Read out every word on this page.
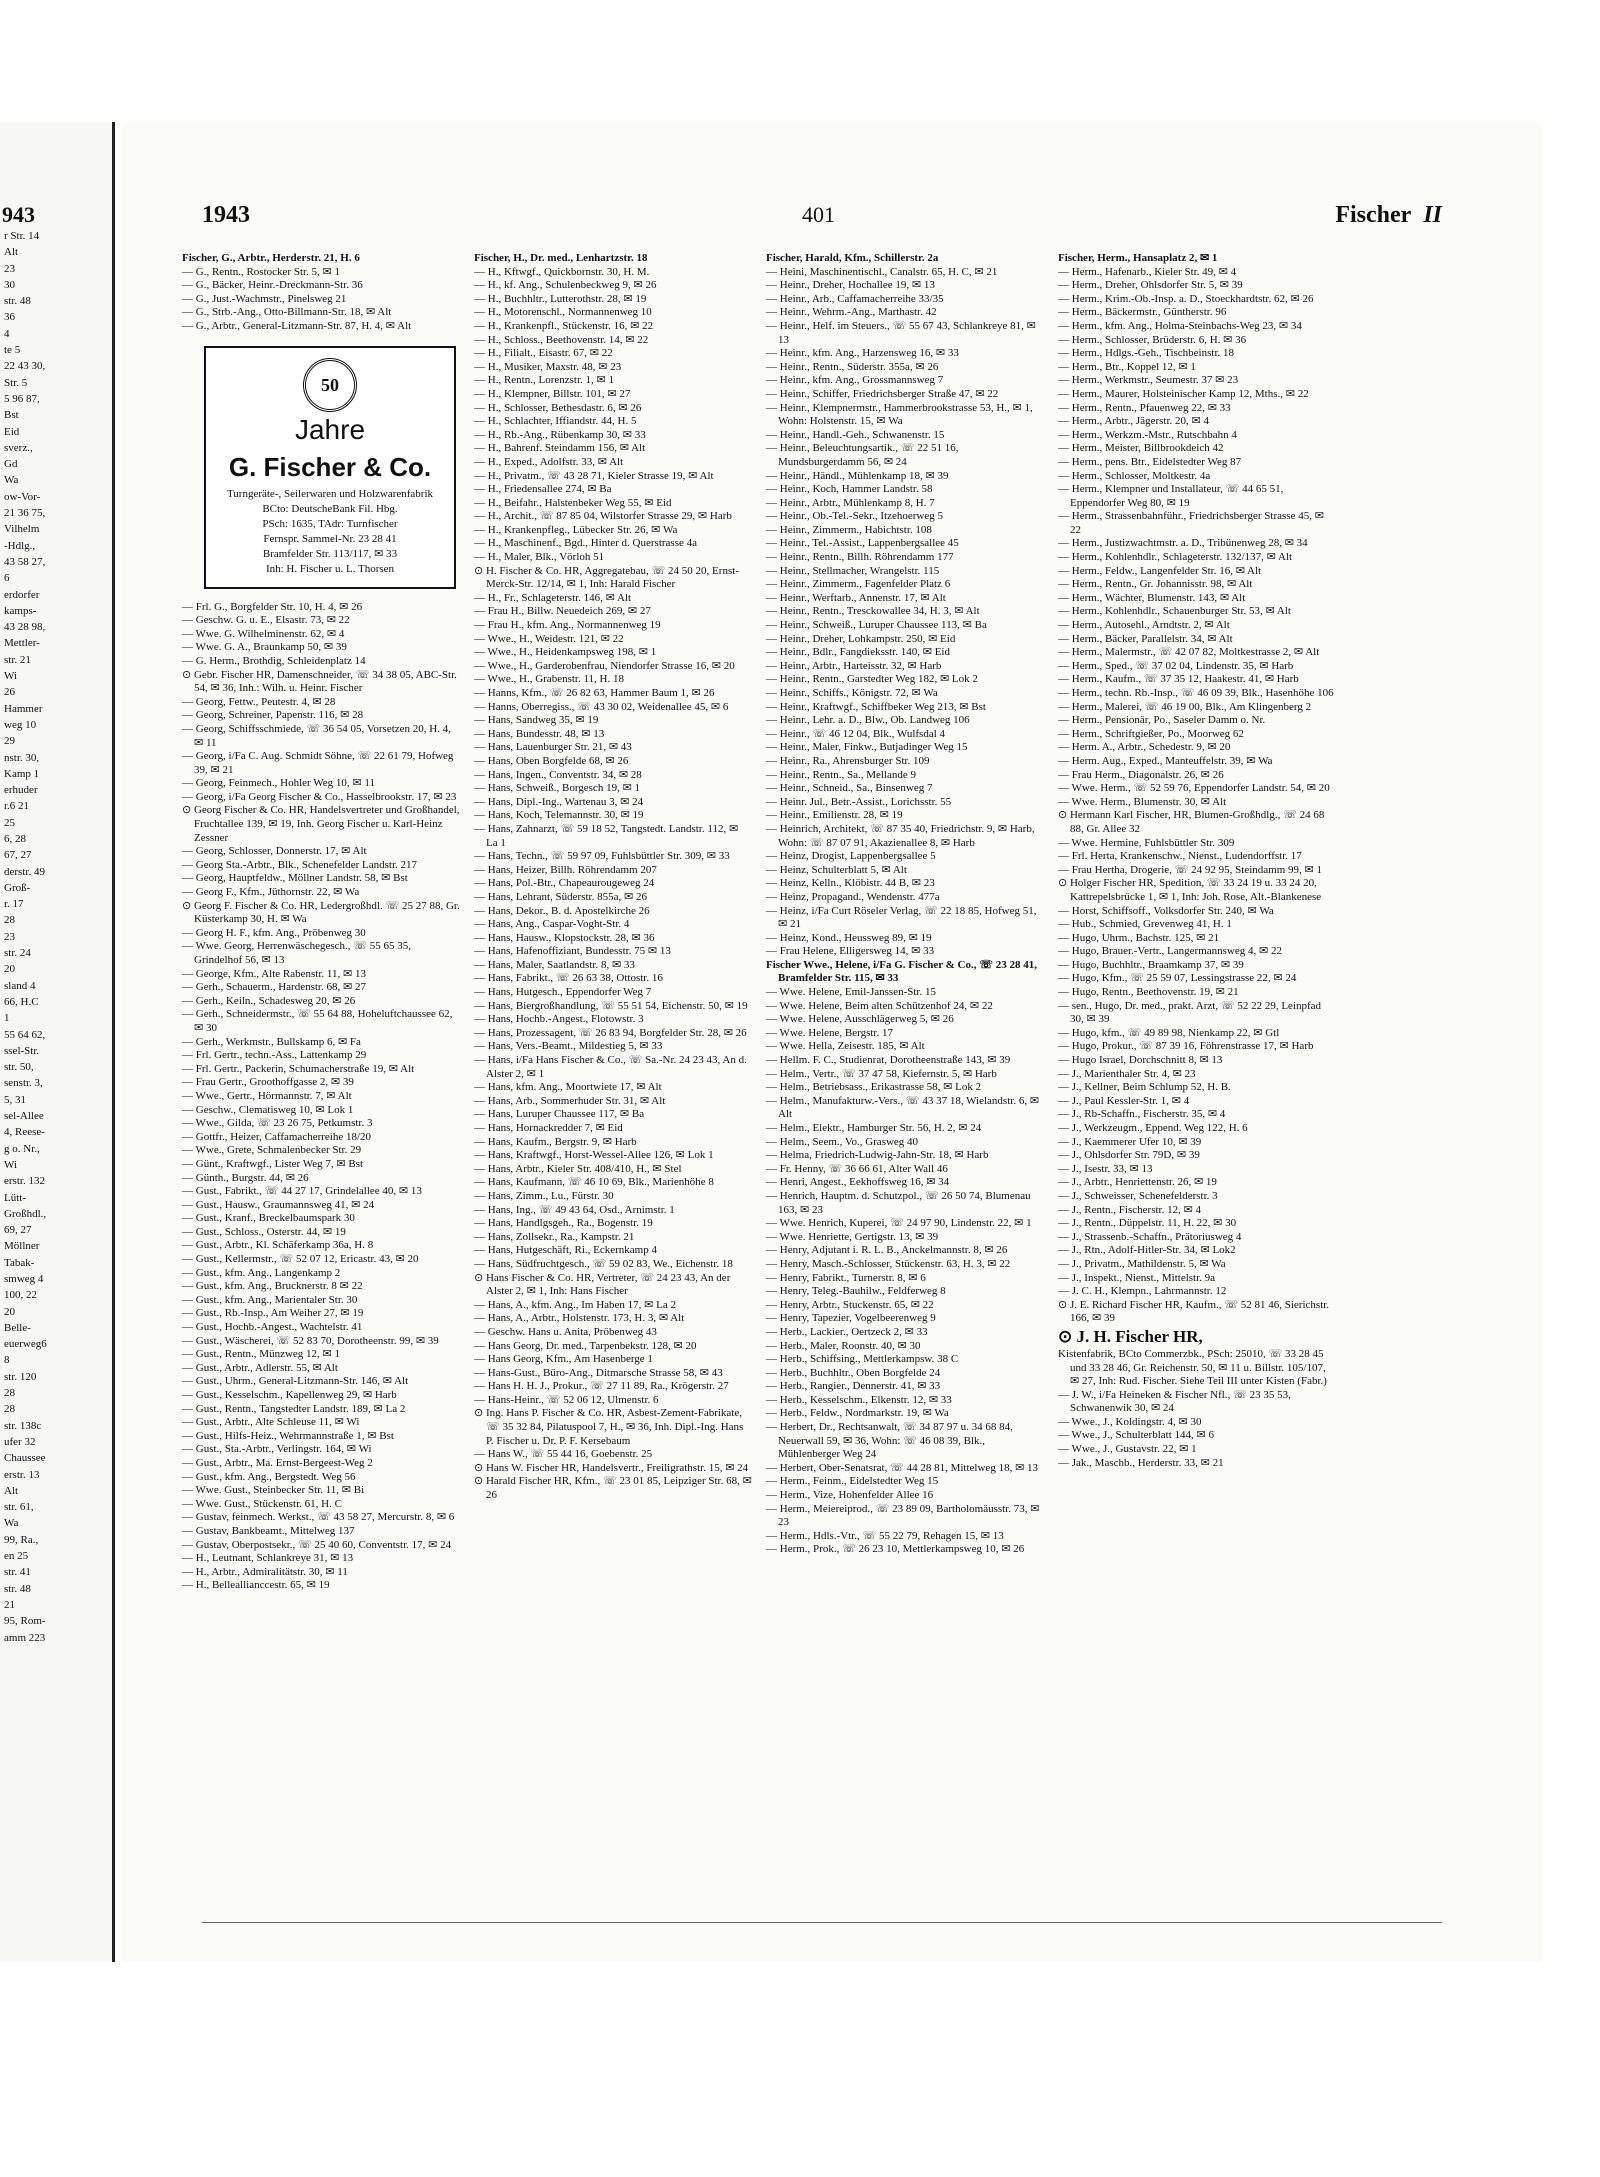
943
r Str. 14
Alt
23
30
str. 48
36
4
te 5
22 43 30,
Str. 5
5 96 87,
Bst
Eid
sverz.,
Gd
Wa
ow-Vor-
21 36 75,
Vilhelm
-Hdlg.,
43 58 27,
6
erdorfer
kamps-
43 28 98,
Mettler-
str. 21
Wi
26
Hammer
weg 10
29
nstr. 30,
Kamp 1
erhuder
r.6 21
25
6, 28
67, 27
derstr. 49
Groß-
r. 17
28
23
str. 24
20
sland 4
66, H.C
1
55 64 62,
ssel-Str.
str. 50,
senstr. 3,
5, 31
sel-Allee
4, Reese-
g o. Nr.,
Wi
erstr. 132
Lütt-
Großhdl.,
69, 27
Möllner
Tabak-
smweg 4
100, 22
20
Belle-
euerweg6
8
str. 120
28
28
str. 138c
ufer 32
Chaussee
erstr. 13
Alt
str. 61,
Wa
99, Ra.,
en 25
str. 41
str. 48
21
95, Rom-
amm 223
1943	401	Fischer II
Fischer, G., Arbtr., Herderstr. 21, H. 6
— G., Rentn., Rostocker Str. 5, ✉ 1
— G., Bäcker, Heinr.-Dreckmann-Str. 36
— G., Just.-Wachmstr., Pinelsweg 21
— G., Strb.-Ang., Otto-Billmann-Str. 18, ✉ Alt
— G., Arbtr., General-Litzmann-Str. 87, H. 4, ✉ Alt
50
Jahre
G. Fischer & Co.
Turngeräte-, Seilerwaren und Holzwarenfabrik
BCto: DeutscheBank Fil. Hbg.
PSch: 1635, TAdr: Turnfischer
Fernspr. Sammel-Nr. 23 28 41
Bramfelder Str. 113/117, ✉ 33
Inh: H. Fischer u. L. Thorsen
— Frl. G., Borgfelder Str. 10, H. 4, ✉ 26
— Geschw. G. u. E., Elsastr. 73, ✉ 22
— Wwe. G. Wilhelminenstr. 62, ✉ 4
— Wwe. G. A., Braunkamp 50, ✉ 39
— G. Herm., Brothdig, Schleidenplatz 14
⊙ Gebr. Fischer HR, Damenschneider, ☏ 34 38 05, ABC-Str. 54, ✉ 36, Inh.: Wilh. u. Heinr. Fischer
— Georg, Fettw., Peutestr. 4, ✉ 28
— Georg, Schreiner, Papenstr. 116, ✉ 28
— Georg, Schiffsschmiede, ☏ 36 54 05, Vorsetzen 20, H. 4, ✉ 11
— Georg, i/Fa C. Aug. Schmidt Söhne, ☏ 22 61 79, Hofweg 39, ✉ 21
— Georg, Feinmech., Hohler Weg 10, ✉ 11
— Georg, i/Fa Georg Fischer & Co., Hasselbrookstr. 17, ✉ 23
⊙ Georg Fischer & Co. HR, Handelsvertreter und Großhandel, Fruchtallee 139, ✉ 19, Inh. Georg Fischer u. Karl-Heinz Zessner
— Georg, Schlosser, Donnerstr. 17, ✉ Alt
— Georg Sta.-Arbtr., Blk., Schenefelder Landstr. 217
— Georg, Hauptfeldw., Möllner Landstr. 58, ✉ Bst
— Georg F., Kfm., Jüthornstr. 22, ✉ Wa
⊙ Georg F. Fischer & Co. HR, Ledergroßhdl. ☏ 25 27 88, Gr. Küsterkamp 30, H. ✉ Wa
— Georg H. F., kfm. Ang., Pröbenweg 30
— Wwe. Georg, Herrenwäschegesch., ☏ 55 65 35, Grindelhof 56, ✉ 13
— George, Kfm., Alte Rabenstr. 11, ✉ 13
— Gerh., Schauerm., Hardenstr. 68, ✉ 27
— Gerh., Keiln., Schadesweg 20, ✉ 26
— Gerh., Schneidermstr., ☏ 55 64 88, Hoheluftchaussee 62, ✉ 30
— Gerh., Werkmstr., Bullskamp 6, ✉ Fa
— Frl. Gertr., techn.-Ass., Lattenkamp 29
— Frl. Gertr., Packerin, Schumacherstraße 19, ✉ Alt
— Frau Gertr., Groothoffgasse 2, ✉ 39
— Wwe., Gertr., Hörmannstr. 7, ✉ Alt
— Geschw., Clematisweg 10, ✉ Lok 1
— Wwe., Gilda, ☏ 23 26 75, Petkumstr. 3
— Gottfr., Heizer, Caffamacherreihe 18/20
— Wwe., Grete, Schmalenbecker Str. 29
— Günt., Kraftwgf., Lister Weg 7, ✉ Bst
— Günth., Burgstr. 44, ✉ 26
— Gust., Fabrikt., ☏ 44 27 17, Grindelallee 40, ✉ 13
— Gust., Hausw., Graumannsweg 41, ✉ 24
— Gust., Kranf., Breckelbaumspark 30
— Gust., Schloss., Osterstr. 44, ✉ 19
— Gust., Arbtr., Kl. Schäferkamp 36a, H. 8
— Gust., Kellermstr., ☏ 52 07 12, Ericastr. 43, ✉ 20
— Gust., kfm. Ang., Langenkamp 2
— Gust., kfm. Ang., Brucknerstr. 8 ✉ 22
— Gust., kfm. Ang., Marientaler Str. 30
— Gust., Rb.-Insp., Am Weiher 27, ✉ 19
— Gust., Hochb.-Angest., Wachtelstr. 41
— Gust., Wäscherei, ☏ 52 83 70, Dorotheenstr. 99, ✉ 39
— Gust., Rentn., Münzweg 12, ✉ 1
— Gust., Arbtr., Adlerstr. 55, ✉ Alt
— Gust., Uhrm., General-Litzmann-Str. 146, ✉ Alt
— Gust., Kesselschm., Kapellenweg 29, ✉ Harb
— Gust., Rentn., Tangstedter Landstr. 189, ✉ La 2
— Gust., Arbtr., Alte Schleuse 11, ✉ Wi
— Gust., Hilfs-Heiz., Wehrmannstraße 1, ✉ Bst
— Gust., Sta.-Arbtr., Verlingstr. 164, ✉ Wi
— Gust., Arbtr., Ma. Ernst-Bergeest-Weg 2
— Gust., kfm. Ang., Bergstedt. Weg 56
— Wwe. Gust., Steinbecker Str. 11, ✉ Bi
— Wwe. Gust., Stückenstr. 61, H. C
— Gustav, feinmech. Werkst., ☏ 43 58 27, Mercurstr. 8, ✉ 6
— Gustav, Bankbeamt., Mittelweg 137
— Gustav, Oberpostsekr., ☏ 25 40 60, Conventstr. 17, ✉ 24
— H., Leutnant, Schlankreye 31, ✉ 13
— H., Arbtr., Admiralitätstr. 30, ✉ 11
— H., Belleallianccestr. 65, ✉ 19
Fischer, H., Dr. med., Lenhartzstr. 18
— H., Kftwgf., Quickbornstr. 30, H. M.
— H., kf. Ang., Schulenbeckweg 9, ✉ 26
— H., Buchhltr., Lutterothstr. 28, ✉ 19
— H., Motorenschl., Normannenweg 10
— H., Krankenpfl., Stückenstr. 16, ✉ 22
— H., Schloss., Beethovenstr. 14, ✉ 22
— H., Filialt., Eisastr. 67, ✉ 22
— H., Musiker, Maxstr. 48, ✉ 23
— H., Rentn., Lorenzstr. 1, ✉ 1
— H., Klempner, Billstr. 101, ✉ 27
— H., Schlosser, Bethesdastr. 6, ✉ 26
— H., Schlachter, Iffiandstr. 44, H. 5
— H., Rb.-Ang., Rübenkamp 30, ✉ 33
— H., Bahrenf. Steindamm 156, ✉ Alt
— H., Exped., Adolfstr. 33, ✉ Alt
— H., Privatm., ☏ 43 28 71, Kieler Strasse 19, ✉ Alt
— H., Friedensallee 274, ✉ Ba
— H., Beifahr., Halstenbeker Weg 55, ✉ Eid
— H., Archit., ☏ 87 85 04, Wilstorfer Strasse 29, ✉ Harb
— H., Krankenpfleg., Lübecker Str. 26, ✉ Wa
— H., Maschinenf., Bgd., Hinter d. Querstrasse 4a
— H., Maler, Blk., Vörloh 51
⊙ H. Fischer & Co. HR, Aggregatebau, ☏ 24 50 20, Ernst-Merck-Str. 12/14, ✉ 1, Inh: Harald Fischer
— H., Fr., Schlageterstr. 146, ✉ Alt
— Frau H., Billw. Neuedeich 269, ✉ 27
— Frau H., kfm. Ang., Normannenweg 19
— Wwe., H., Weidestr. 121, ✉ 22
— Wwe., H., Heidenkampsweg 198, ✉ 1
— Wwe., H., Garderobenfrau, Niendorfer Strasse 16, ✉ 20
— Wwe., H., Grabenstr. 11, H. 18
— Hanns, Kfm., ☏ 26 82 63, Hammer Baum 1, ✉ 26
— Hanns, Oberregiss., ☏ 43 30 02, Weidenallee 45, ✉ 6
— Hans, Sandweg 35, ✉ 19
— Hans, Bundesstr. 48, ✉ 13
— Hans, Lauenburger Str. 21, ✉ 43
— Hans, Oben Borgfelde 68, ✉ 26
— Hans, Ingen., Conventstr. 34, ✉ 28
— Hans, Schweiß., Borgesch 19, ✉ 1
— Hans, Dipl.-Ing., Wartenau 3, ✉ 24
— Hans, Koch, Telemannstr. 30, ✉ 19
— Hans, Zahnarzt, ☏ 59 18 52, Tangstedt. Landstr. 112, ✉ La 1
— Hans, Techn., ☏ 59 97 09, Fuhlsbüttler Str. 309, ✉ 33
— Hans, Heizer, Billh. Röhrendamm 207
— Hans, Pol.-Btr., Chapeaurougeweg 24
— Hans, Lehrant, Süderstr. 855a, ✉ 26
— Hans, Dekor., B. d. Apostelkirche 26
— Hans, Ang., Caspar-Voght-Str. 4
— Hans, Hausw., Klopstockstr. 28, ✉ 36
— Hans, Hafenoffiziant, Bundesstr. 75 ✉ 13
— Hans, Maler, Saatlandstr. 8, ✉ 33
— Hans, Fabrikt., ☏ 26 63 38, Ottostr. 16
— Hans, Hutgesch., Eppendorfer Weg 7
— Hans, Biergroßhandlung, ☏ 55 51 54, Eichenstr. 50, ✉ 19
— Hans, Hochb.-Angest., Flotowstr. 3
— Hans, Prozessagent, ☏ 26 83 94, Borgfelder Str. 28, ✉ 26
— Hans, Vers.-Beamt., Mildestieg 5, ✉ 33
— Hans, i/Fa Hans Fischer & Co., ☏ Sa.-Nr. 24 23 43, An d. Alster 2, ✉ 1
— Hans, kfm. Ang., Moortwiete 17, ✉ Alt
— Hans, Arb., Sommerhuder Str. 31, ✉ Alt
— Hans, Luruper Chaussee 117, ✉ Ba
— Hans, Hornackredder 7, ✉ Eid
— Hans, Kaufm., Bergstr. 9, ✉ Harb
— Hans, Kraftwgf., Horst-Wessel-Allee 126, ✉ Lok 1
— Hans, Arbtr., Kieler Str. 408/410, H., ✉ Stel
— Hans, Kaufmann, ☏ 46 10 69, Blk., Marienhöhe 8
— Hans, Zimm., Lu., Fürstr. 30
— Hans, Ing., ☏ 49 43 64, Osd., Arnimstr. 1
— Hans, Handlgsgeh., Ra., Bogenstr. 19
— Hans, Zollsekr., Ra., Kampstr. 21
— Hans, Hutgeschäft, Ri., Eckernkamp 4
— Hans, Südfruchtgesch., ☏ 59 02 83, We., Eichenstr. 18
⊙ Hans Fischer & Co. HR, Vertreter, ☏ 24 23 43, An der Alster 2, ✉ 1, Inh: Hans Fischer
— Hans, A., kfm. Ang., Im Haben 17, ✉ La 2
— Hans, A., Arbtr., Holstenstr. 173, H. 3, ✉ Alt
— Geschw. Hans u. Anita, Pröbenweg 43
— Hans Georg, Dr. med., Tarpenbekstr. 128, ✉ 20
— Hans Georg, Kfm., Am Hasenberge 1
— Hans-Gust., Büro-Ang., Ditmarsche Strasse 58, ✉ 43
— Hans H. H. J., Prokur., ☏ 27 11 89, Ra., Krögerstr. 27
— Hans-Heinr., ☏ 52 06 12, Ulmenstr. 6
⊙ Ing. Hans P. Fischer & Co. HR, Asbest-Zement-Fabrikate, ☏ 35 32 84, Pilatuspool 7, H., ✉ 36, Inh. Dipl.-Ing. Hans P. Fischer u. Dr. P. F. Kersebaum
— Hans W., ☏ 55 44 16, Goebenstr. 25
⊙ Hans W. Fischer HR, Handelsvertr., Freiligrathstr. 15, ✉ 24
⊙ Harald Fischer HR, Kfm., ☏ 23 01 85, Leipziger Str. 68, ✉ 26
Fischer, Harald, Kfm., Schillerstr. 2a
— Heini, Maschinentischl., Canalstr. 65, H. C, ✉ 21
— Heinr., Dreher, Hochallee 19, ✉ 13
— Heinr., Arb., Caffamacherreihe 33/35
— Heinr., Wehrm.-Ang., Marthastr. 42
— Heinr., Helf. im Steuers., ☏ 55 67 43, Schlankreye 81, ✉ 13
— Heinr., kfm. Ang., Harzensweg 16, ✉ 33
— Heinr., Rentn., Süderstr. 355a, ✉ 26
— Heinr., kfm. Ang., Grossmannsweg 7
— Heinr., Schiffer, Friedrichsberger Straße 47, ✉ 22
— Heinr., Klempnermstr., Hammerbrookstrasse 53, H., ✉ 1, Wohn: Holstenstr. 15, ✉ Wa
— Heinr., Handl.-Geh., Schwanenstr. 15
— Heinr., Beleuchtungsartik., ☏ 22 51 16, Mundsburgerdamm 56, ✉ 24
— Heinr., Händl., Mühlenkamp 18, ✉ 39
— Heinr., Koch, Hammer Landstr. 58
— Heinr., Arbtr., Mühlenkamp 8, H. 7
— Heinr., Ob.-Tel.-Sekr., Itzehoerweg 5
— Heinr., Zimmerm., Habichtstr. 108
— Heinr., Tel.-Assist., Lappenbergsallee 45
— Heinr., Rentn., Billh. Röhrendamm 177
— Heinr., Stellmacher, Wrangelstr. 115
— Heinr., Zimmerm., Fagenfelder Platz 6
— Heinr., Werftarb., Annenstr. 17, ✉ Alt
— Heinr., Rentn., Tresckowallee 34, H. 3, ✉ Alt
— Heinr., Schweiß., Luruper Chaussee 113, ✉ Ba
— Heinr., Dreher, Lohkampstr. 250, ✉ Eid
— Heinr., Bdlr., Fangdieksstr. 140, ✉ Eid
— Heinr., Arbtr., Harteisstr. 32, ✉ Harb
— Heinr., Rentn., Garstedter Weg 182, ✉ Lok 2
— Heinr., Schiffs., Königstr. 72, ✉ Wa
— Heinr., Kraftwgf., Schiffbeker Weg 213, ✉ Bst
— Heinr., Lehr. a. D., Blw., Ob. Landweg 106
— Heinr., ☏ 46 12 04, Blk., Wulfsdal 4
— Heinr., Maler, Finkw., Butjadinger Weg 15
— Heinr., Ra., Ahrensburger Str. 109
— Heinr., Rentn., Sa., Mellande 9
— Heinr., Schneid., Sa., Binsenweg 7
— Heinr. Jul., Betr.-Assist., Lorichsstr. 55
— Heinr., Emilienstr. 28, ✉ 19
— Heinrich, Architekt, ☏ 87 35 40, Friedrichstr. 9, ✉ Harb, Wohn: ☏ 87 07 91, Akazienallee 8, ✉ Harb
— Heinz, Drogist, Lappenbergsallee 5
— Heinz, Schulterblatt 5, ✉ Alt
— Heinz, Kelln., Klöbistr. 44 B, ✉ 23
— Heinz, Propagand., Wendenstr. 477a
— Heinz, i/Fa Curt Röseler Verlag, ☏ 22 18 85, Hofweg 51, ✉ 21
— Heinz, Kond., Heussweg 89, ✉ 19
— Frau Helene, Elligersweg 14, ✉ 33
Fischer Wwe., Helene, i/Fa G. Fischer & Co., ☏ 23 28 41, Bramfelder Str. 115, ✉ 33
— Wwe. Helene, Emil-Janssen-Str. 15
— Wwe. Helene, Beim alten Schützenhof 24, ✉ 22
— Wwe. Helene, Ausschlägerweg 5, ✉ 26
— Wwe. Helene, Bergstr. 17
— Wwe. Hella, Zeisestr. 185, ✉ Alt
— Hellm. F. C., Studienrat, Dorotheenstraße 143, ✉ 39
— Helm., Vertr., ☏ 37 47 58, Kiefernstr. 5, ✉ Harb
— Helm., Betriebsass., Erikastrasse 58, ✉ Lok 2
— Helm., Manufakturw.-Vers., ☏ 43 37 18, Wielandstr. 6, ✉ Alt
— Helm., Elektr., Hamburger Str. 56, H. 2, ✉ 24
— Helm., Seem., Vo., Grasweg 40
— Helma, Friedrich-Ludwig-Jahn-Str. 18, ✉ Harb
— Fr. Henny, ☏ 36 66 61, Alter Wall 46
— Henri, Angest., Eekhoffsweg 16, ✉ 34
— Henrich, Hauptm. d. Schutzpol., ☏ 26 50 74, Blumenau 163, ✉ 23
— Wwe. Henrich, Kuperei, ☏ 24 97 90, Lindenstr. 22, ✉ 1
— Wwe. Henriette, Gertigstr. 13, ✉ 39
— Henry, Adjutant i. R. L. B., Anckelmannstr. 8, ✉ 26
— Henry, Masch.-Schlosser, Stückenstr. 63, H. 3, ✉ 22
— Henry, Fabrikt., Turnerstr. 8, ✉ 6
— Henry, Teleg.-Bauhilw., Feldferweg 8
— Henry, Arbtr., Stuckenstr. 65, ✉ 22
— Henry, Tapezier, Vogelbeerenweg 9
— Herb., Lackier., Oertzeck 2, ✉ 33
— Herb., Maler, Roonstr. 40, ✉ 30
— Herb., Schiffsing., Mettlerkampsw. 38 C
— Herb., Buchhltr., Oben Borgfelde 24
— Herb., Rangier., Dennerstr. 41, ✉ 33
— Herb., Kesselschm., Elkenstr. 12, ✉ 33
— Herb., Feldw., Nordmarkstr. 19, ✉ Wa
— Herbert, Dr., Rechtsanwalt, ☏ 34 87 97 u. 34 68 84, Neuerwall 59, ✉ 36, Wohn: ☏ 46 08 39, Blk., Mühlenberger Weg 24
— Herbert, Ober-Senatsrat, ☏ 44 28 81, Mittelweg 18, ✉ 13
— Herm., Feinm., Eidelstedter Weg 15
— Herm., Vize, Hohenfelder Allee 16
— Herm., Meiereiprod., ☏ 23 89 09, Bartholomäusstr. 73, ✉ 23
— Herm., Hdls.-Vtr., ☏ 55 22 79, Rehagen 15, ✉ 13
— Herm., Prok., ☏ 26 23 10, Mettlerkampsweg 10, ✉ 26
Fischer, Herm., Hansaplatz 2, ✉ 1
— Herm., Hafenarb., Kieler Str. 49, ✉ 4
— Herm., Dreher, Ohlsdorfer Str. 5, ✉ 39
— Herm., Krim.-Ob.-Insp. a. D., Stoeckhardtstr. 62, ✉ 26
— Herm., Bäckermstr., Güntherstr. 96
— Herm., kfm. Ang., Holma-Steinbachs-Weg 23, ✉ 34
— Herm., Schlosser, Brüderstr. 6, H. ✉ 36
— Herm., Hdlgs.-Geh., Tischbeinstr. 18
— Herm., Btr., Koppel 12, ✉ 1
— Herm., Werkmstr., Seumestr. 37 ✉ 23
— Herm., Maurer, Holsteinischer Kamp 12, Mths., ✉ 22
— Herm., Rentn., Pfauenweg 22, ✉ 33
— Herm., Arbtr., Jägerstr. 20, ✉ 4
— Herm., Werkzm.-Mstr., Rutschbahn 4
— Herm., Meister, Billbrookdeich 42
— Herm., pens. Btr., Eidelstedter Weg 87
— Herm., Schlosser, Moltkestr. 4a
— Herm., Klempner und Installateur, ☏ 44 65 51, Eppendorfer Weg 80, ✉ 19
— Herm., Strassenbahnführ., Friedrichsberger Strasse 45, ✉ 22
— Herm., Justizwachtmstr. a. D., Tribünenweg 28, ✉ 34
— Herm., Kohlenhdlr., Schlageterstr. 132/137, ✉ Alt
— Herm., Feldw., Langenfelder Str. 16, ✉ Alt
— Herm., Rentn., Gr. Johannisstr. 98, ✉ Alt
— Herm., Wächter, Blumenstr. 143, ✉ Alt
— Herm., Kohlenhdlr., Schauenburger Str. 53, ✉ Alt
— Herm., Autosehl., Arndtstr. 2, ✉ Alt
— Herm., Bäcker, Parallelstr. 34, ✉ Alt
— Herm., Malermstr., ☏ 42 07 82, Moltkestrasse 2, ✉ Alt
— Herm., Sped., ☏ 37 02 04, Lindenstr. 35, ✉ Harb
— Herm., Kaufm., ☏ 37 35 12, Haakestr. 41, ✉ Harb
— Herm., techn. Rb.-Insp., ☏ 46 09 39, Blk., Hasenhöhe 106
— Herm., Malerei, ☏ 46 19 00, Blk., Am Klingenberg 2
— Herm., Pensionär, Po., Saseler Damm o. Nr.
— Herm., Schriftgießer, Po., Moorweg 62
— Herm. A., Arbtr., Schedestr. 9, ✉ 20
— Herm. Aug., Exped., Manteuffelstr. 39, ✉ Wa
— Frau Herm., Diagonalstr. 26, ✉ 26
— Wwe. Herm., ☏ 52 59 76, Eppendorfer Landstr. 54, ✉ 20
— Wwe. Herm., Blumenstr. 30, ✉ Alt
⊙ Hermann Karl Fischer, HR, Blumen-Großhdlg., ☏ 24 68 88, Gr. Allee 32
— Wwe. Hermine, Fuhlsbüttler Str. 309
— Frl. Herta, Krankenschw., Nienst., Ludendorffstr. 17
— Frau Hertha, Drogerie, ☏ 24 92 95, Steindamm 99, ✉ 1
⊙ Holger Fischer HR, Spedition, ☏ 33 24 19 u. 33 24 20, Kattrepelsbrücke 1, ✉ 1, Inh: Joh. Rose, Alt.-Blankenese
— Horst, Schiffsoff., Volksdorfer Str. 240, ✉ Wa
— Hub., Schmied, Grevenweg 41, H. 1
— Hugo, Uhrm., Bachstr. 125, ✉ 21
— Hugo, Brauer.-Vertr., Langermannsweg 4, ✉ 22
— Hugo, Buchhltr., Braamkamp 37, ✉ 39
— Hugo, Kfm., ☏ 25 59 07, Lessingstrasse 22, ✉ 24
— Hugo, Rentn., Beethovenstr. 19, ✉ 21
— sen., Hugo, Dr. med., prakt. Arzt, ☏ 52 22 29, Leinpfad 30, ✉ 39
— Hugo, kfm., ☏ 49 89 98, Nienkamp 22, ✉ Gtl
— Hugo, Prokur., ☏ 87 39 16, Föhrenstrasse 17, ✉ Harb
— Hugo Israel, Dorchschnitt 8, ✉ 13
— J., Marienthaler Str. 4, ✉ 23
— J., Kellner, Beim Schlump 52, H. B.
— J., Paul Kessler-Str. 1, ✉ 4
— J., Rb-Schaffn., Fischerstr. 35, ✉ 4
— J., Werkzeugm., Eppend. Weg 122, H. 6
— J., Kaemmerer Ufer 10, ✉ 39
— J., Ohlsdorfer Str. 79D, ✉ 39
— J., Isestr. 33, ✉ 13
— J., Arbtr., Henriettenstr. 26, ✉ 19
— J., Schweisser, Schenefelderstr. 3
— J., Rentn., Fischerstr. 12, ✉ 4
— J., Rentn., Düppelstr. 11, H. 22, ✉ 30
— J., Strassenb.-Schaffn., Prätoriusweg 4
— J., Rtn., Adolf-Hitler-Str. 34, ✉ Lok2
— J., Privatm., Mathildenstr. 5, ✉ Wa
— J., Inspekt., Nienst., Mittelstr. 9a
— J. C. H., Klempn., Lahrmannstr. 12
⊙ J. E. Richard Fischer HR, Kaufm., ☏ 52 81 46, Sierichstr. 166, ✉ 39
⊙ J. H. Fischer HR,
Kistenfabrik, BCto Commerzbk., PSch: 25010, ☏ 33 28 45 und 33 28 46, Gr. Reichenstr. 50, ✉ 11 u. Billstr. 105/107, ✉ 27, Inh: Rud. Fischer. Siehe Teil III unter Kisten (Fabr.)
— J. W., i/Fa Heineken & Fischer Nfl., ☏ 23 35 53, Schwanenwik 30, ✉ 24
— Wwe., J., Koldingstr. 4, ✉ 30
— Wwe., J., Schulterblatt 144, ✉ 6
— Wwe., J., Gustavstr. 22, ✉ 1
— Jak., Maschb., Herderstr. 33, ✉ 21
